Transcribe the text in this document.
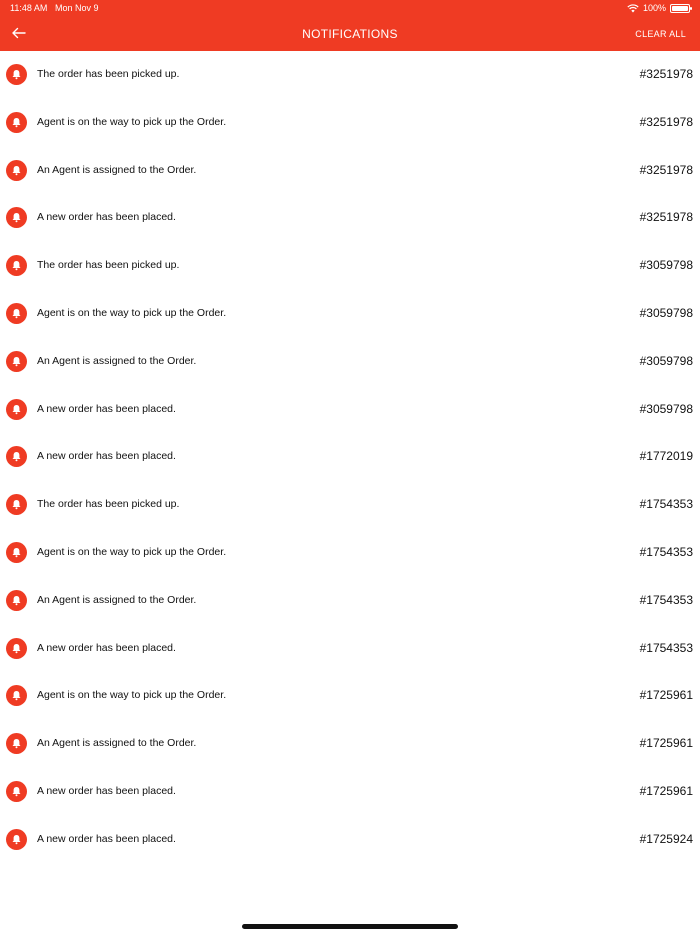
11:48 AM Mon Nov 9	100%
NOTIFICATIONS	CLEAR ALL
The order has been picked up.	#3251978
Agent is on the way to pick up the Order.	#3251978
An Agent is assigned to the Order.	#3251978
A new order has been placed.	#3251978
The order has been picked up.	#3059798
Agent is on the way to pick up the Order.	#3059798
An Agent is assigned to the Order.	#3059798
A new order has been placed.	#3059798
A new order has been placed.	#1772019
The order has been picked up.	#1754353
Agent is on the way to pick up the Order.	#1754353
An Agent is assigned to the Order.	#1754353
A new order has been placed.	#1754353
Agent is on the way to pick up the Order.	#1725961
An Agent is assigned to the Order.	#1725961
A new order has been placed.	#1725961
A new order has been placed.	#1725924
